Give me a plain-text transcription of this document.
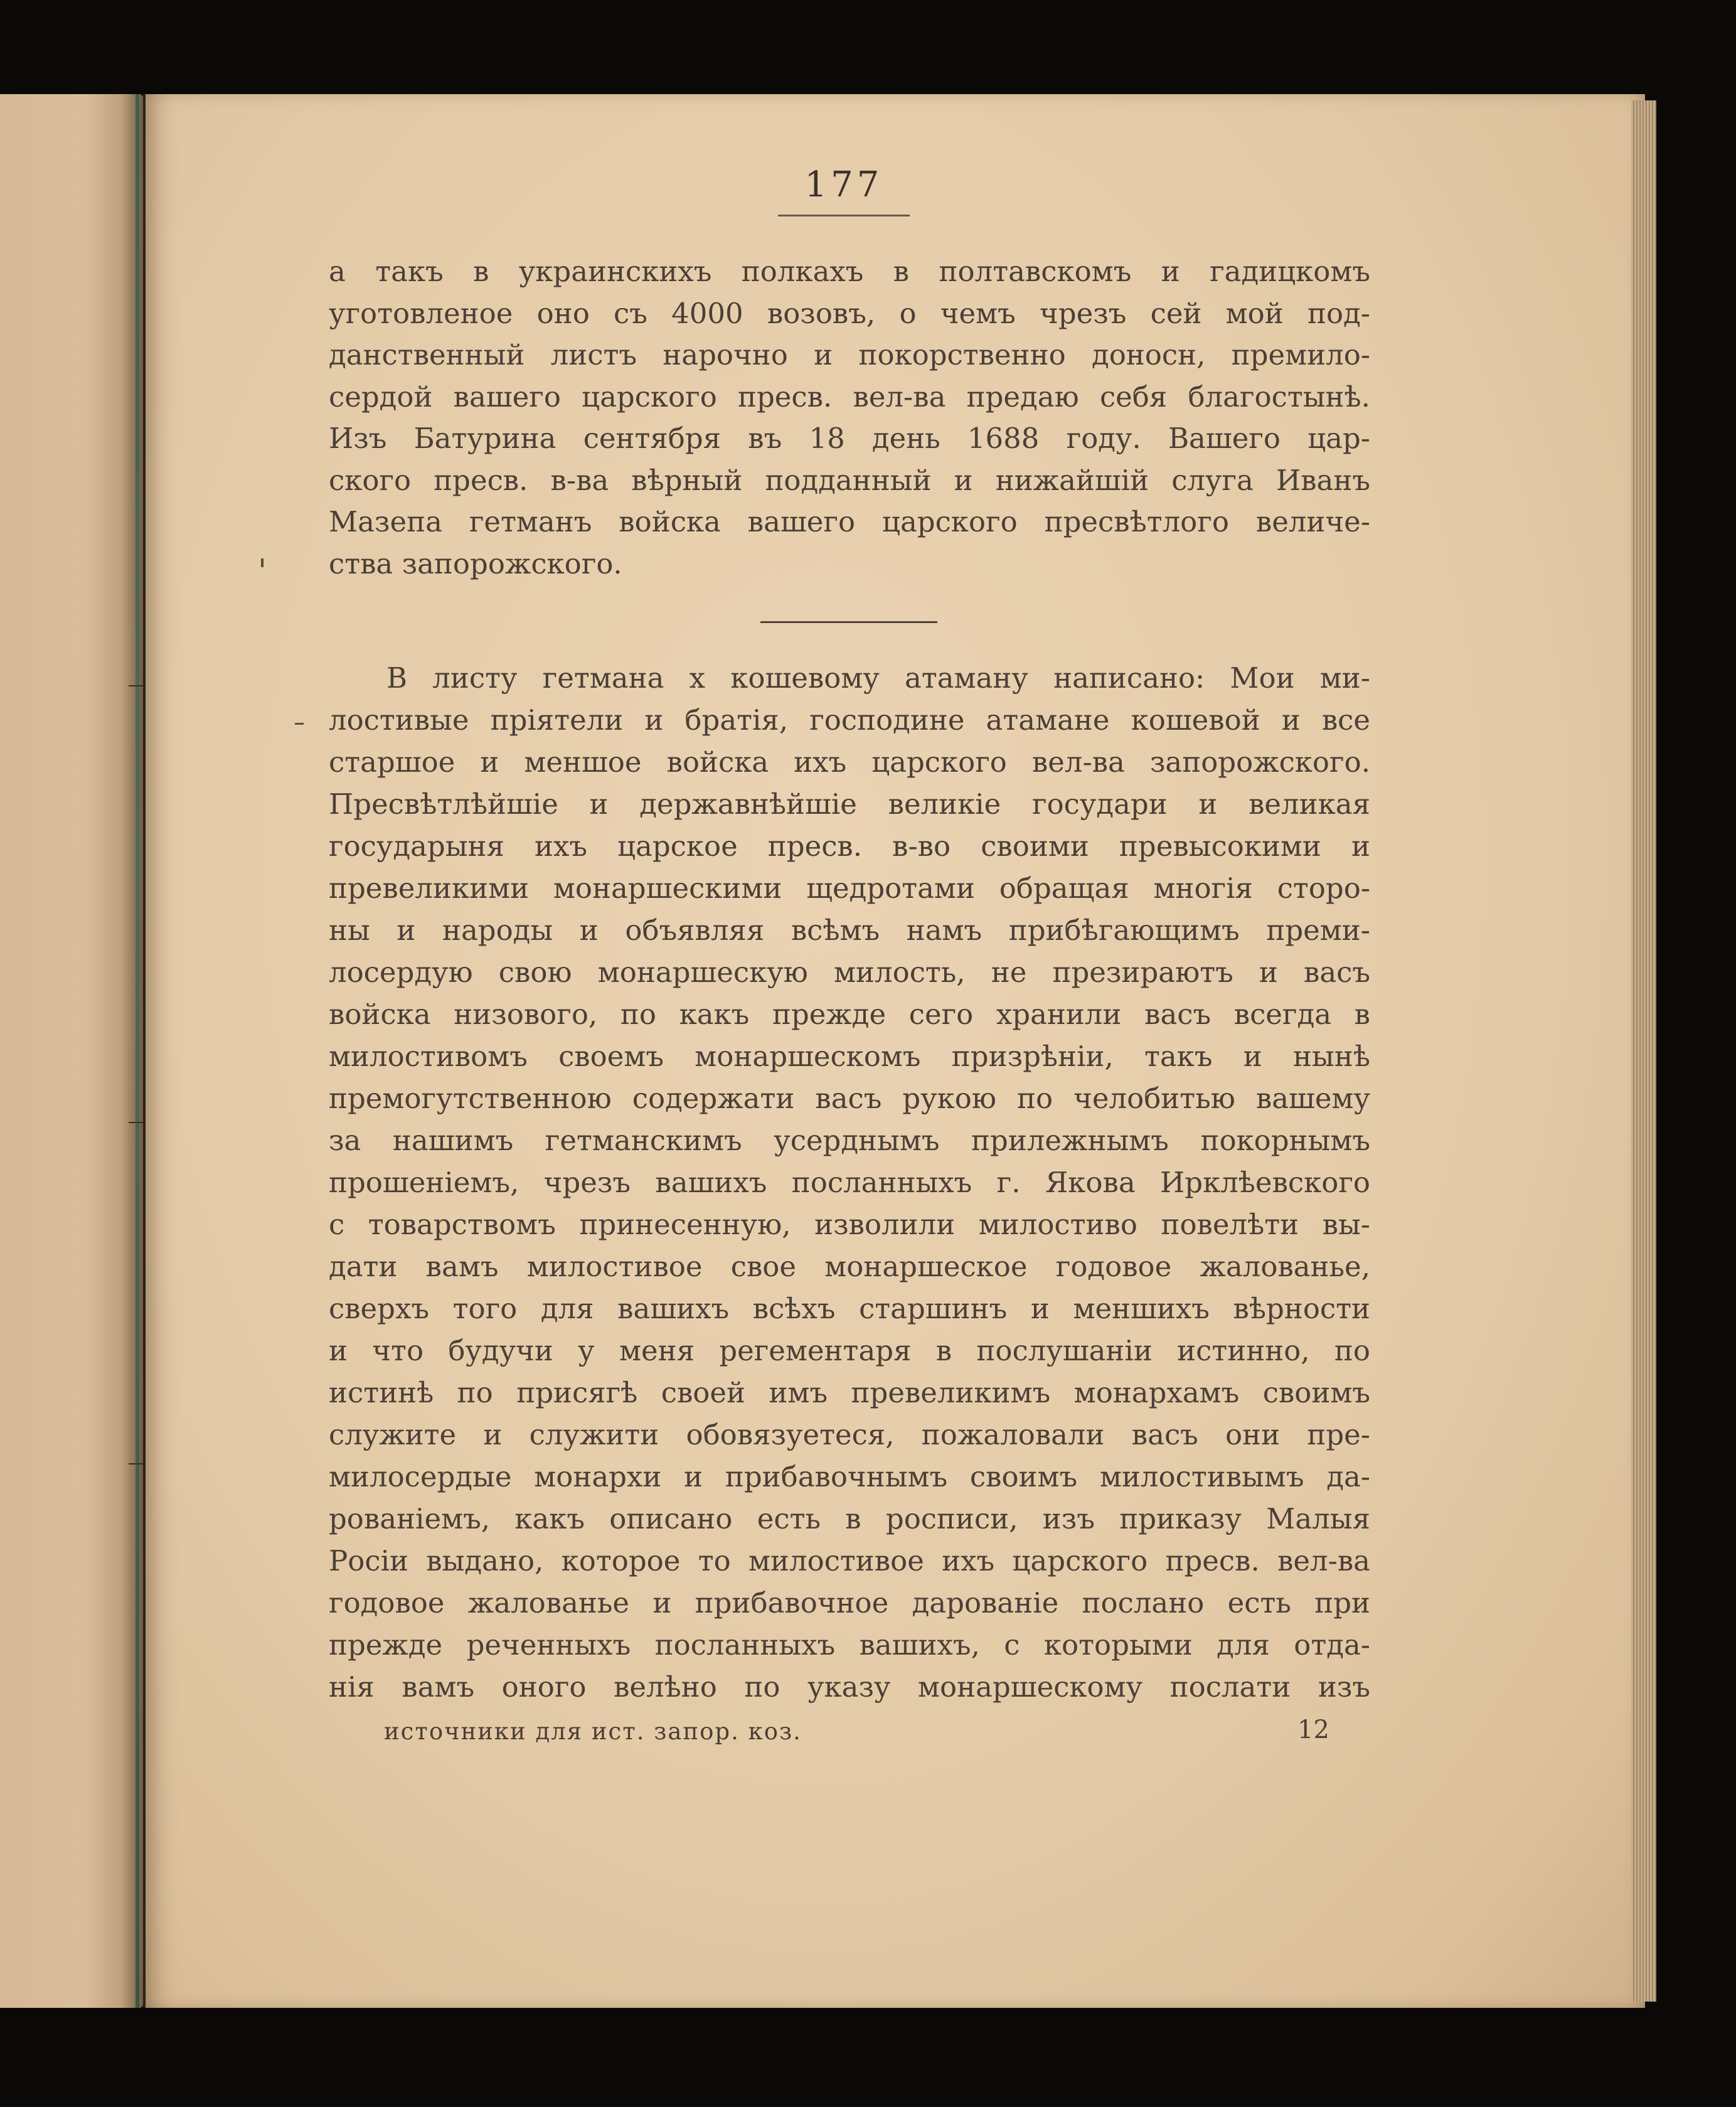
177
а такъ в украинскихъ полкахъ в полтавскомъ и гадицкомъ
уготовленое оно съ 4000 возовъ, о чемъ чрезъ сей мой под-
данственный листъ нарочно и покорственно доносн, премило-
сердой вашего царского пресв. вел-ва предаю себя благостынѣ.
Изъ Батурина сентября въ 18 день 1688 году. Вашего цар-
ского пресв. в-ва вѣрный подданный и нижайшій слуга Иванъ
Мазепа гетманъ войска вашего царского пресвѣтлого величе-
ства запорожского.
В листу гетмана х кошевому атаману написано: Мои ми-
лостивые пріятели и братія, господине атамане кошевой и все
старшое и меншое войска ихъ царского вел-ва запорожского.
Пресвѣтлѣйшіе и державнѣйшіе великіе государи и великая
государыня ихъ царское пресв. в-во своими превысокими и
превеликими монаршескими щедротами обращая многія сторо-
ны и народы и объявляя всѣмъ намъ прибѣгающимъ преми-
лосердую свою монаршескую милость, не презираютъ и васъ
войска низового, по какъ прежде сего хранили васъ всегда в
милостивомъ своемъ монаршескомъ призрѣніи, такъ и нынѣ
премогутственною содержати васъ рукою по челобитью вашему
за нашимъ гетманскимъ усерднымъ прилежнымъ покорнымъ
прошеніемъ, чрезъ вашихъ посланныхъ г. Якова Ирклѣевского
с товарствомъ принесенную, изволили милостиво повелѣти вы-
дати вамъ милостивое свое монаршеское годовое жалованье,
сверхъ того для вашихъ всѣхъ старшинъ и меншихъ вѣрности
и что будучи у меня регементаря в послушаніи истинно, по
истинѣ по присягѣ своей имъ превеликимъ монархамъ своимъ
служите и служити обовязуетеся, пожаловали васъ они пре-
милосердые монархи и прибавочнымъ своимъ милостивымъ да-
рованіемъ, какъ описано есть в росписи, изъ приказу Малыя
Росіи выдано, которое то милостивое ихъ царского пресв. вел-ва
годовое жалованье и прибавочное дарованіе послано есть при
прежде реченныхъ посланныхъ вашихъ, с которыми для отда-
нія вамъ оного велѣно по указу монаршескому послати изъ
источники для ист. запор. коз.	12
